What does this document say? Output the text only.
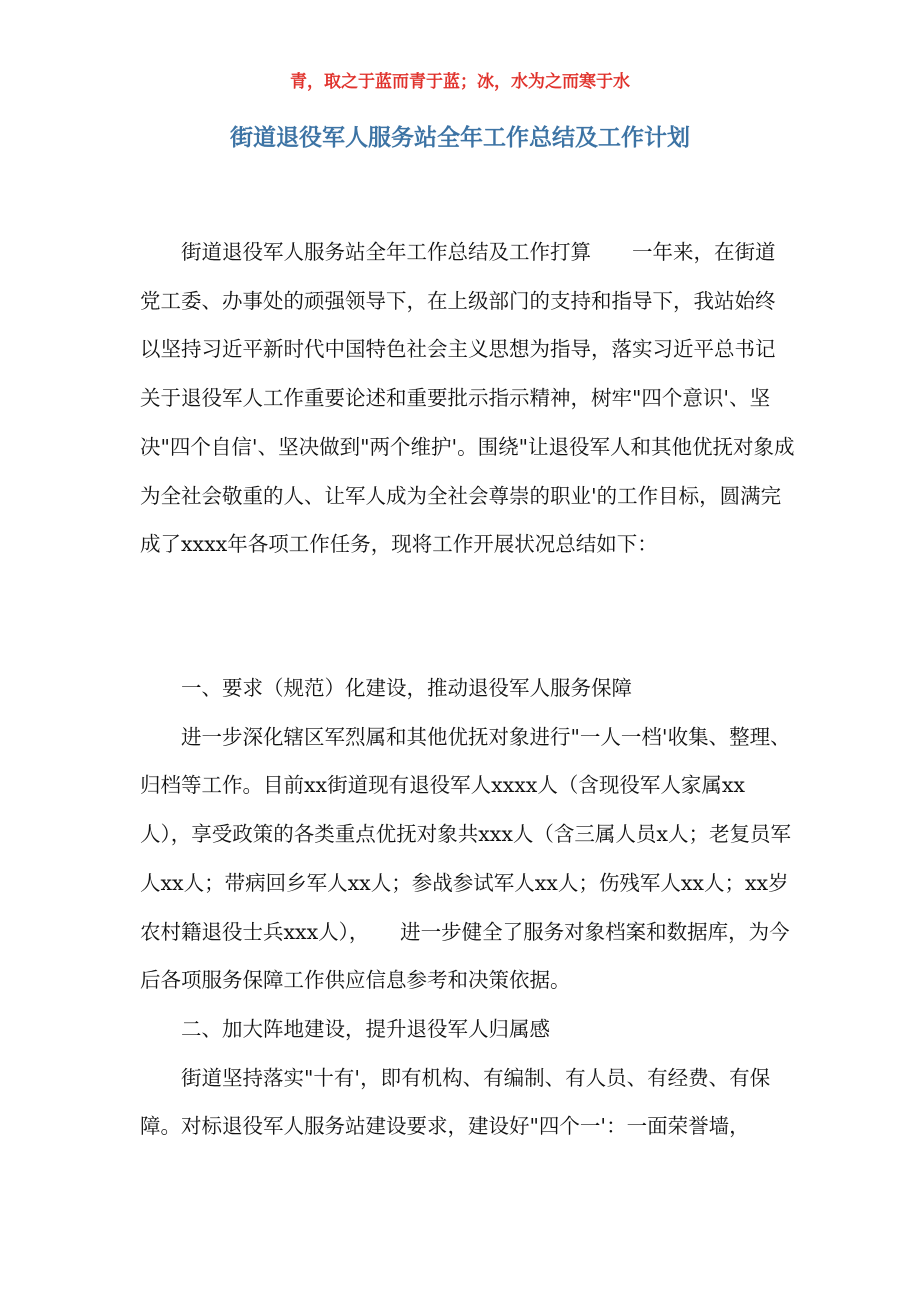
青，取之于蓝而青于蓝；冰，水为之而寒于水
街道退役军人服务站全年工作总结及工作计划

街道退役军人服务站全年工作总结及工作打算　　一年来，在街道党工委、办事处的顽强领导下，在上级部门的支持和指导下，我站始终以坚持习近平新时代中国特色社会主义思想为指导，落实习近平总书记关于退役军人工作重要论述和重要批示指示精神，树牢"四个意识'、坚决"四个自信'、坚决做到"两个维护'。围绕"让退役军人和其他优抚对象成为全社会敬重的人、让军人成为全社会尊崇的职业'的工作目标，圆满完成了xxxx年各项工作任务，现将工作开展状况总结如下：

一、要求（规范）化建设，推动退役军人服务保障

进一步深化辖区军烈属和其他优抚对象进行"一人一档'收集、整理、归档等工作。目前xx街道现有退役军人xxxx人（含现役军人家属xx人），享受政策的各类重点优抚对象共xxx人（含三属人员x人；老复员军人xx人；带病回乡军人xx人；参战参试军人xx人；伤残军人xx人；xx岁农村籍退役士兵xxx人），　　进一步健全了服务对象档案和数据库，为今后各项服务保障工作供应信息参考和决策依据。

二、加大阵地建设，提升退役军人归属感

街道坚持落实"十有'，即有机构、有编制、有人员、有经费、有保障。对标退役军人服务站建设要求，建设好"四个一'：一面荣誉墙，
